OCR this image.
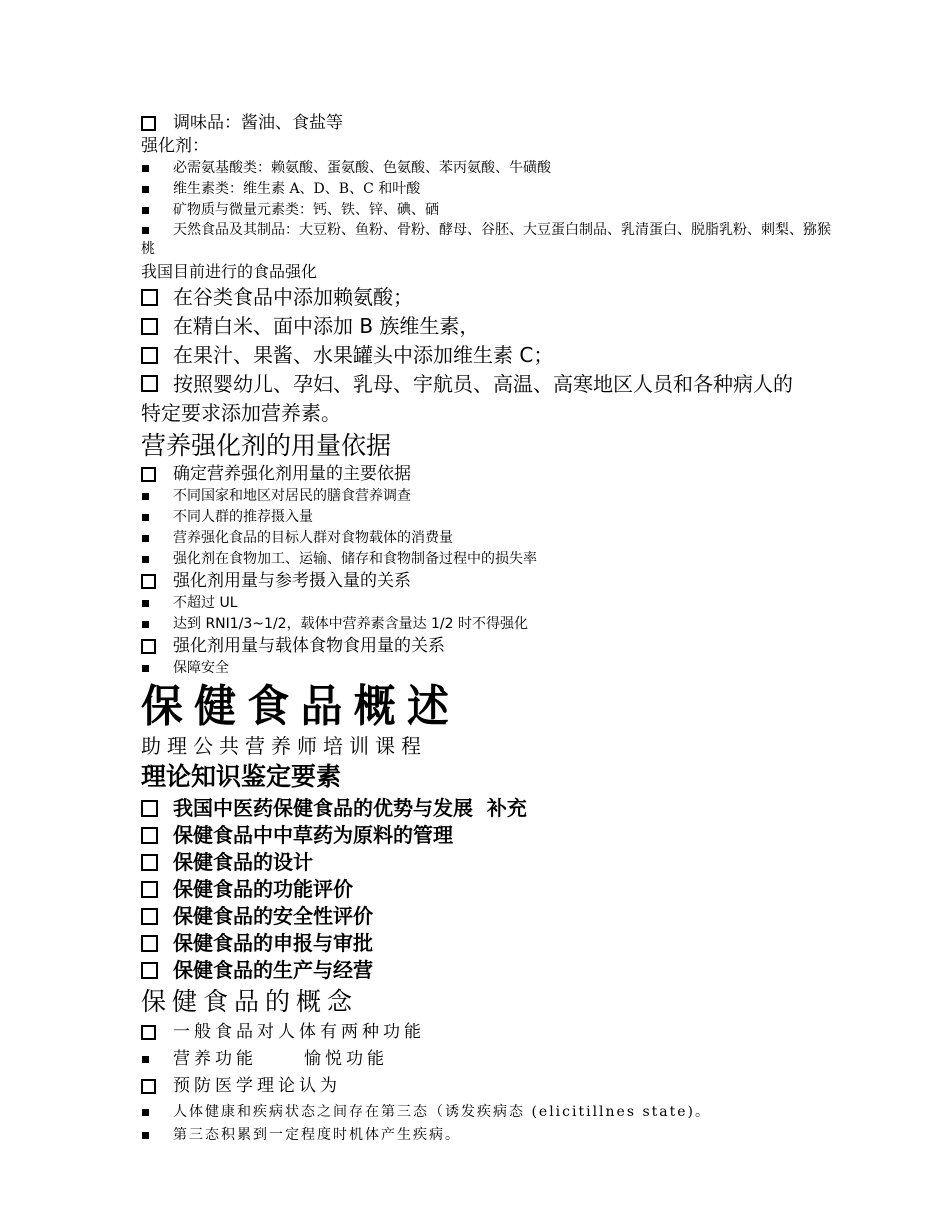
调味品：酱油、食盐等
强化剂：
必需氨基酸类：赖氨酸、蛋氨酸、色氨酸、苯丙氨酸、牛磺酸
维生素类：维生素 A、D、B、C 和叶酸
矿物质与微量元素类：钙、铁、锌、碘、硒
天然食品及其制品：大豆粉、鱼粉、骨粉、酵母、谷胚、大豆蛋白制品、乳清蛋白、脱脂乳粉、刺梨、猕猴桃
我国目前进行的食品强化
在谷类食品中添加赖氨酸；
在精白米、面中添加 B 族维生素，
在果汁、果酱、水果罐头中添加维生素 C；
按照婴幼儿、孕妇、乳母、宇航员、高温、高寒地区人员和各种病人的特定要求添加营养素。
营养强化剂的用量依据
确定营养强化剂用量的主要依据
不同国家和地区对居民的膳食营养调查
不同人群的推荐摄入量
营养强化食品的目标人群对食物载体的消费量
强化剂在食物加工、运输、储存和食物制备过程中的损失率
强化剂用量与参考摄入量的关系
不超过 UL
达到 RNI1/3~1/2，载体中营养素含量达 1/2 时不得强化
强化剂用量与载体食物食用量的关系
保障安全
保健食品概述
助理公共营养师培训课程
理论知识鉴定要素
我国中医药保健食品的优势与发展  补充
保健食品中中草药为原料的管理
保健食品的设计
保健食品的功能评价
保健食品的安全性评价
保健食品的申报与审批
保健食品的生产与经营
保健食品的概念
一般食品对人体有两种功能
营养功能     愉悦功能
预防医学理论认为
人体健康和疾病状态之间存在第三态（诱发疾病态 (elicitillnes state)。
第三态积累到一定程度时机体产生疾病。
